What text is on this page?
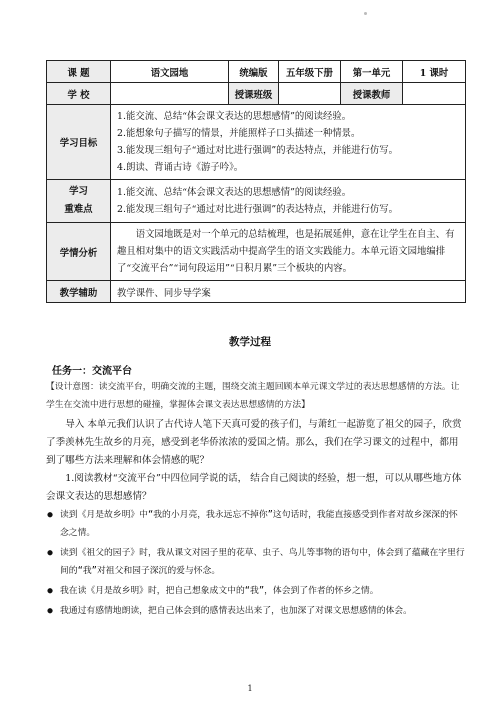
课 题	语文园地	统编版	五年级下册	第一单元	1 课时
学 校		授课班级		授课教师	
学习目标	1.能交流、总结“体会课文表达的思想感情”的阅读经验。
2.能想象句子描写的情景，并能照样子口头描述一种情景。
3.能发现三组句子“通过对比进行强调”的表达特点，并能进行仿写。
4.朗读、背诵古诗《游子吟》。				

学习
重难点	1.能交流、总结“体会课文表达的思想感情”的阅读经验。
2.能发现三组句子“通过对比进行强调”的表达特点，并能进行仿写。				

学情分析	语文园地既是对一个单元的总结梳理，也是拓展延伸，意在让学生在自主、有趣且相对集中的语文实践活动中提高学生的语文实践能力。本单元语文园地编排了“交流平台”“词句段运用”“日积月累”三个板块的内容。				

教学辅助	教学课件、同步导学案				
教学过程
任务一：交流平台
【设计意图：读交流平台，明确交流的主题，围绕交流主题回顾本单元课文学过的表达思想感情的方法。让学生在交流中进行思想的碰撞，掌握体会课文表达思想感情的方法】
导入 本单元我们认识了古代诗人笔下天真可爱的孩子们，与萧红一起游览了祖父的园子，欣赏了季羡林先生故乡的月亮，感受到老华侨浓浓的爱国之情。那么，我们在学习课文的过程中，都用到了哪些方法来理解和体会情感的呢？
1.阅读教材“交流平台”中四位同学说的话， 结合自己阅读的经验，想一想，可以从哪些地方体会课文表达的思想感情？
● 读到《月是故乡明》中“我的小月亮，我永远忘不掉你”这句话时，我能直接感受到作者对故乡深深的怀念之情。
● 读到《祖父的园子》时，我从课文对园子里的花草、虫子、鸟儿等事物的语句中，体会到了蕴藏在字里行间的“我”对祖父和园子深沉的爱与怀念。
● 我在读《月是故乡明》时，把自己想象成文中的“我”，体会到了作者的怀乡之情。
● 我通过有感情地朗读，把自己体会到的感情表达出来了，也加深了对课文思想感情的体会。
1
